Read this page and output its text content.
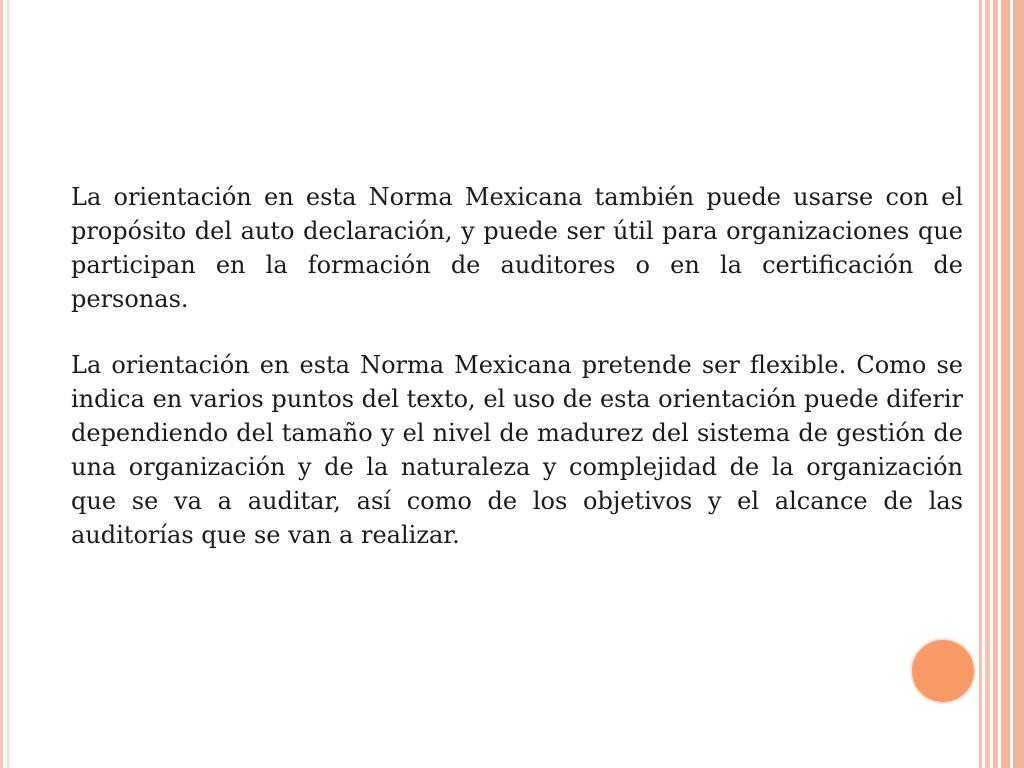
La orientación en esta Norma Mexicana también puede usarse con el propósito del auto declaración, y puede ser útil para organizaciones que participan en la formación de auditores o en la certificación de personas.

La orientación en esta Norma Mexicana pretende ser flexible. Como se indica en varios puntos del texto, el uso de esta orientación puede diferir dependiendo del tamaño y el nivel de madurez del sistema de gestión de una organización y de la naturaleza y complejidad de la organización que se va a auditar, así como de los objetivos y el alcance de las auditorías que se van a realizar.
